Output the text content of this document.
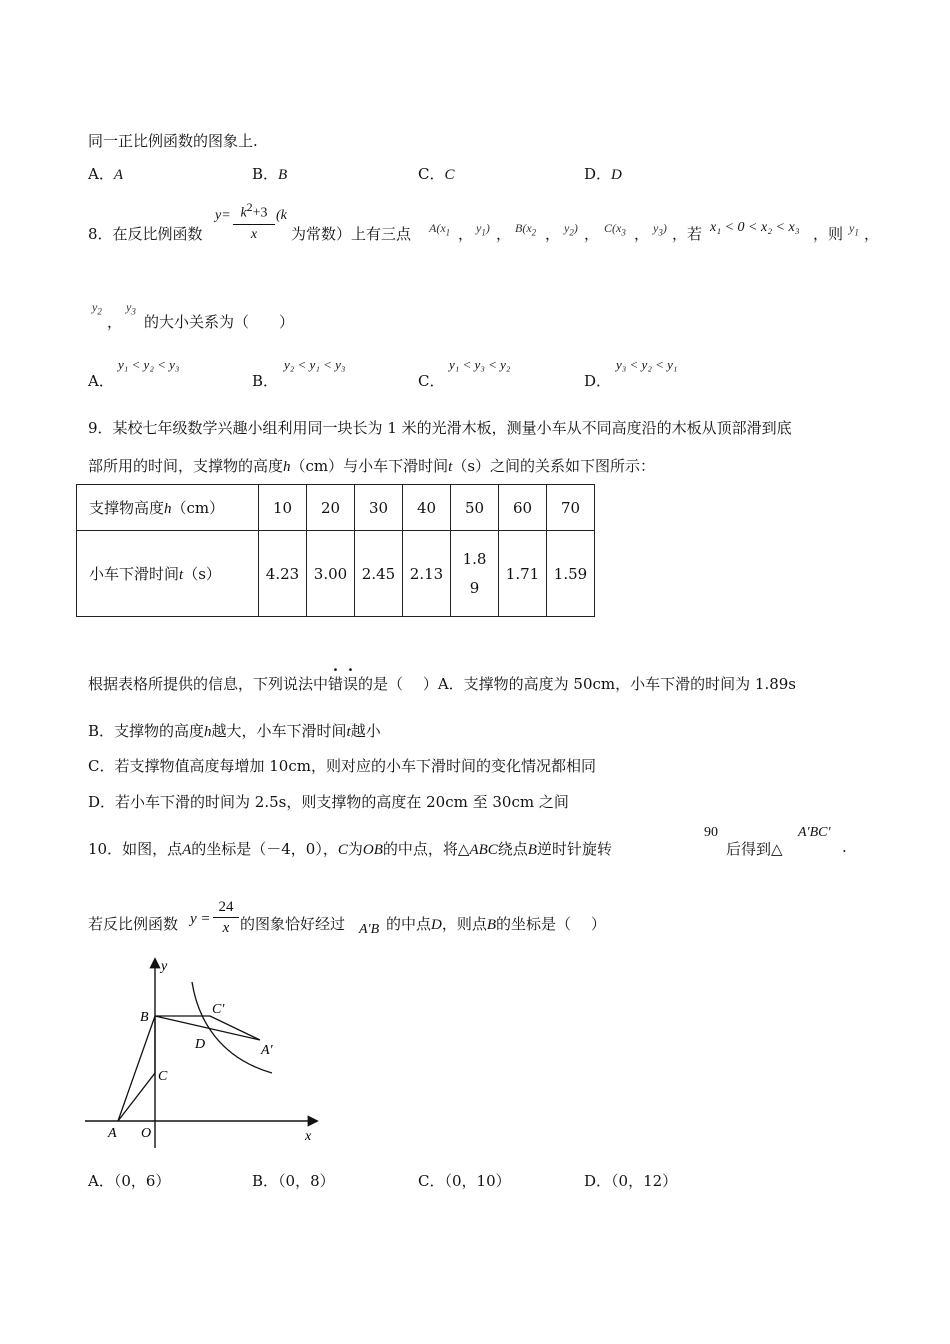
同一正比例函数的图象上.
A．A	B．B	C．C	D．D
8．在反比例函数
$y= k^2+3$
x
(k
为常数）上有三点 $A(x_1$ ， $y_1$) ， $B(x_2$ ， $y_2$) ， $C(x_3$ ， $y_3$) ，若 x₁ < 0 < x₂ < x₃ ，则 $y_1$ ，
$y_2$
，
$y_3$
的大小关系为（　　）
A．
y₁ < y₂ < y₃
B．
y₂ < y₁ < y₃
C．
y₁ < y₃ < y₂
D．
y₃ < y₂ < y₁
9．某校七年级数学兴趣小组利用同一块长为 1 米的光滑木板，测量小车从不同高度沿的木板从顶部滑到底
部所用的时间，支撑物的高度h（cm）与小车下滑时间t（s）之间的关系如下图所示：
支撑物高度h（cm）	10	20	30	40	50	60	70
小车下滑时间t（s）	4.23	3.00	2.45	2.13	1.89	1.71	1.59
根据表格所提供的信息，下列说法中错误的是（　 ）A．支撑物的高度为 50cm，小车下滑的时间为 1.89s
B．支撑物的高度h越大，小车下滑时间t越小
C．若支撑物值高度每增加 10cm，则对应的小车下滑时间的变化情况都相同
D．若小车下滑的时间为 2.5s，则支撑物的高度在 20cm 至 30cm 之间
10．如图，点A的坐标是（－4，0），C为OB的中点，将△ABC绕点B逆时针旋转
90
后得到△
A′BC′
.
若反比例函数 $y = \frac{24}{x}$ 的图象恰好经过 A′B 的中点D，则点B的坐标是（　 ）
y
x
B
C
A O
C′
D	A′
A．（0，6）	B．（0，8）	C．（0，10）	D．（0，12）
